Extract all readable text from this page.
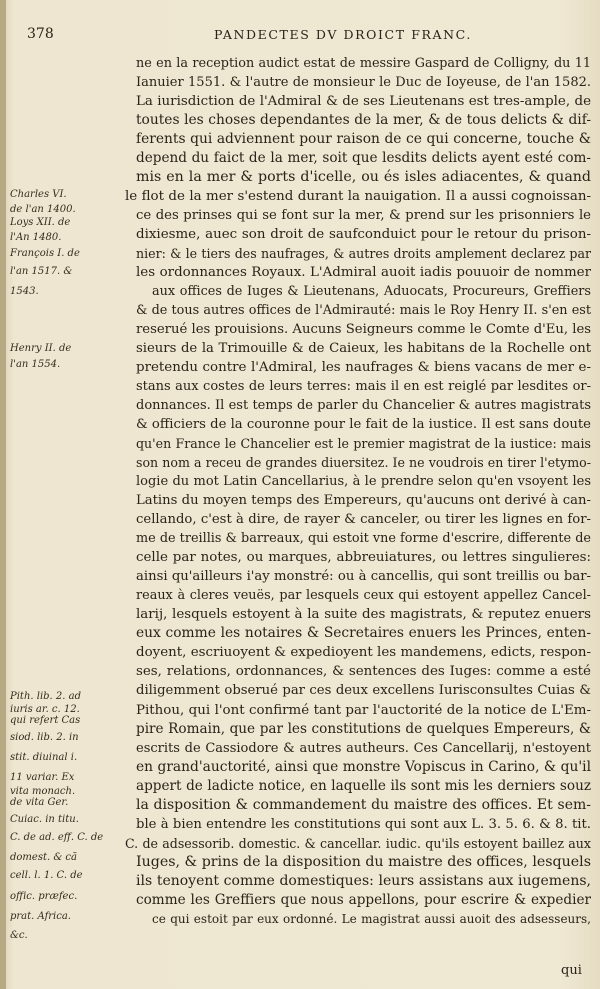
378	PANDECTES DV DROICT FRANC.
Charles VI.
de l'an 1400.
Loys XII. de
l'An 1480.
François I. de
l'an 1517. &
1543.
Henry II. de
l'an 1554.
Pith. lib. 2. ad
iuris ar. c. 12.
qui refert Cas
siod. lib. 2. in
stit. diuinal i.
11 variar. Ex
vita monach.
de vita Ger.
Cuiac. in titu.
C. de ad. eff. C. de
domest. & cã
cell. l. 1. C. de
offic. præfec.
prat. Africa.
&c.
ne en la reception audict estat de messire Gaspard de Colligny, du 11
Ianuier 1551. & l'autre de monsieur le Duc de Ioyeuse, de l'an 1582.
La iurisdiction de l'Admiral & de ses Lieutenans est tres-ample, de
toutes les choses dependantes de la mer, & de tous delicts & dif-
ferents qui adviennent pour raison de ce qui concerne, touche &
depend du faict de la mer, soit que lesdits delicts ayent esté com-
mis en la mer & ports d'icelle, ou és isles adiacentes, & quand
le flot de la mer s'estend durant la nauigation. Il a aussi cognoissan-
ce des prinses qui se font sur la mer, & prend sur les prisonniers le
dixiesme, auec son droit de saufconduict pour le retour du prison-
nier: & le tiers des naufrages, & autres droits amplement declarez par
les ordonnances Royaux. L'Admiral auoit iadis pouuoir de nommer
aux offices de Iuges & Lieutenans, Aduocats, Procureurs, Greffiers
& de tous autres offices de l'Admirauté: mais le Roy Henry II. s'en est
reserué les prouisions. Aucuns Seigneurs comme le Comte d'Eu, les
sieurs de la Trimouille & de Caieux, les habitans de la Rochelle ont
pretendu contre l'Admiral, les naufrages & biens vacans de mer e-
stans aux costes de leurs terres: mais il en est reiglé par lesdites or-
donnances. Il est temps de parler du Chancelier & autres magistrats
& officiers de la couronne pour le fait de la iustice. Il est sans doute
qu'en France le Chancelier est le premier magistrat de la iustice: mais
son nom a receu de grandes diuersitez. Ie ne voudrois en tirer l'etymo-
logie du mot Latin Cancellarius, à le prendre selon qu'en vsoyent les
Latins du moyen temps des Empereurs, qu'aucuns ont derivé à can-
cellando, c'est à dire, de rayer & canceler, ou tirer les lignes en for-
me de treillis & barreaux, qui estoit vne forme d'escrire, differente de
celle par notes, ou marques, abbreuiatures, ou lettres singulieres:
ainsi qu'ailleurs i'ay monstré: ou à cancellis, qui sont treillis ou bar-
reaux à cleres veuës, par lesquels ceux qui estoyent appellez Cancel-
larij, lesquels estoyent à la suite des magistrats, & reputez enuers
eux comme les notaires & Secretaires enuers les Princes, enten-
doyent, escriuoyent & expedioyent les mandemens, edicts, respon-
ses, relations, ordonnances, & sentences des Iuges: comme a esté
diligemment obserué par ces deux excellens Iurisconsultes Cuias &
Pithou, qui l'ont confirmé tant par l'auctorité de la notice de L'Em-
pire Romain, que par les constitutions de quelques Empereurs, &
escrits de Cassiodore & autres autheurs. Ces Cancellarij, n'estoyent
en grand'auctorité, ainsi que monstre Vopiscus in Carino, & qu'il
appert de ladicte notice, en laquelle ils sont mis les derniers souz
la disposition & commandement du maistre des offices. Et sem-
ble à bien entendre les constitutions qui sont aux L. 3. 5. 6. & 8. tit.
C. de adsessorib. domestic. & cancellar. iudic. qu'ils estoyent baillez aux
Iuges, & prins de la disposition du maistre des offices, lesquels
ils tenoyent comme domestiques: leurs assistans aux iugemens,
comme les Greffiers que nous appellons, pour escrire & expedier
ce qui estoit par eux ordonné. Le magistrat aussi auoit des adsesseurs,
qui
